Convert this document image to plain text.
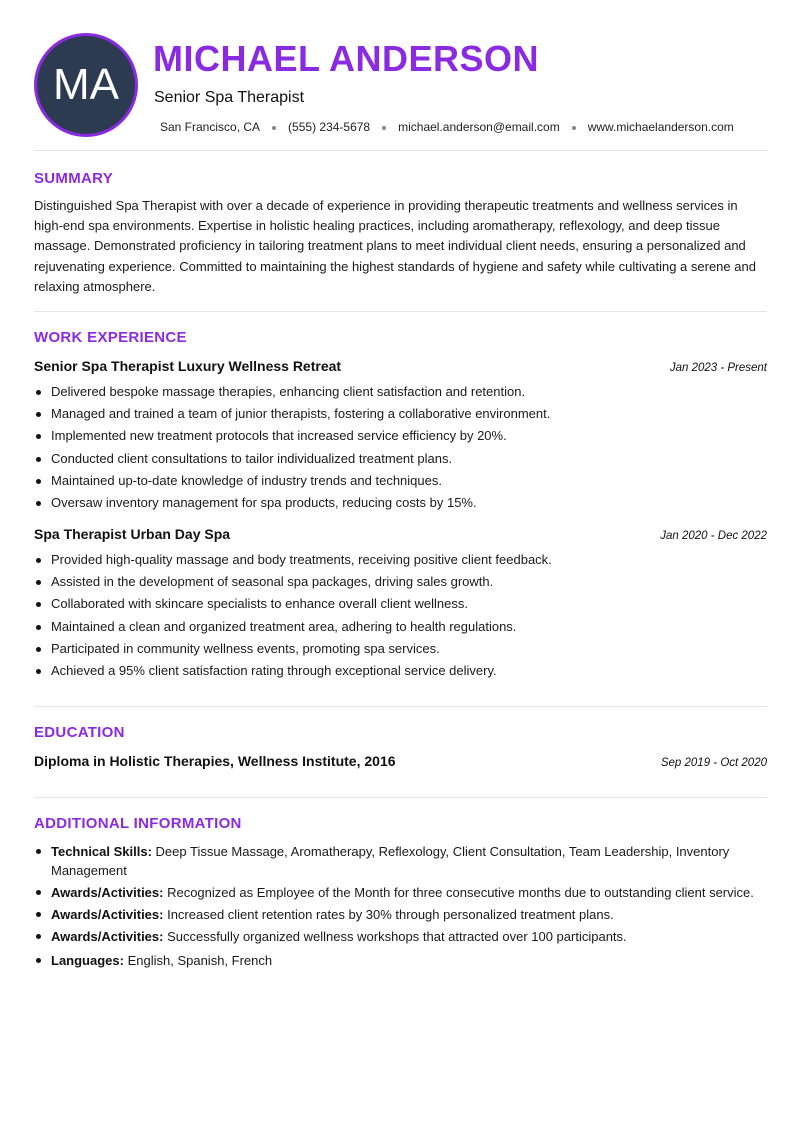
MA
MICHAEL ANDERSON
Senior Spa Therapist
San Francisco, CA (555) 234-5678 michael.anderson@email.com www.michaelanderson.com
SUMMARY
Distinguished Spa Therapist with over a decade of experience in providing therapeutic treatments and wellness services in high-end spa environments. Expertise in holistic healing practices, including aromatherapy, reflexology, and deep tissue massage. Demonstrated proficiency in tailoring treatment plans to meet individual client needs, ensuring a personalized and rejuvenating experience. Committed to maintaining the highest standards of hygiene and safety while cultivating a serene and relaxing atmosphere.
WORK EXPERIENCE
Senior Spa Therapist Luxury Wellness Retreat	Jan 2023 - Present
Delivered bespoke massage therapies, enhancing client satisfaction and retention.
Managed and trained a team of junior therapists, fostering a collaborative environment.
Implemented new treatment protocols that increased service efficiency by 20%.
Conducted client consultations to tailor individualized treatment plans.
Maintained up-to-date knowledge of industry trends and techniques.
Oversaw inventory management for spa products, reducing costs by 15%.
Spa Therapist Urban Day Spa	Jan 2020 - Dec 2022
Provided high-quality massage and body treatments, receiving positive client feedback.
Assisted in the development of seasonal spa packages, driving sales growth.
Collaborated with skincare specialists to enhance overall client wellness.
Maintained a clean and organized treatment area, adhering to health regulations.
Participated in community wellness events, promoting spa services.
Achieved a 95% client satisfaction rating through exceptional service delivery.
EDUCATION
Diploma in Holistic Therapies, Wellness Institute, 2016	Sep 2019 - Oct 2020
ADDITIONAL INFORMATION
Technical Skills: Deep Tissue Massage, Aromatherapy, Reflexology, Client Consultation, Team Leadership, Inventory Management
Awards/Activities: Recognized as Employee of the Month for three consecutive months due to outstanding client service.
Awards/Activities: Increased client retention rates by 30% through personalized treatment plans.
Awards/Activities: Successfully organized wellness workshops that attracted over 100 participants.
Languages: English, Spanish, French
